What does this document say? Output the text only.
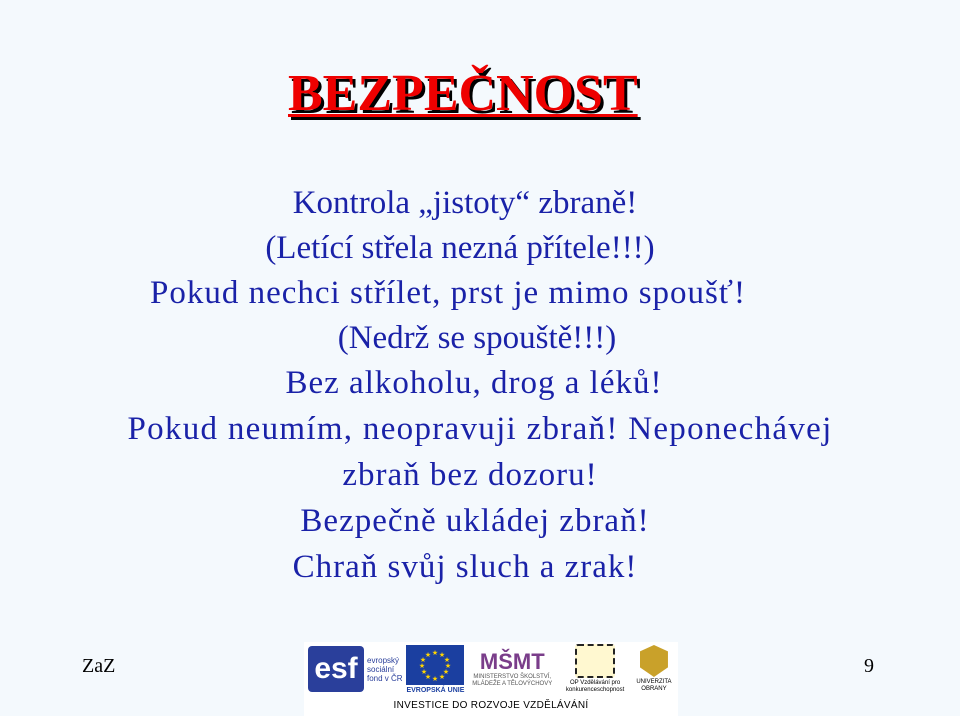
BEZPEČNOST
Kontrola „jistoty“ zbraně!
(Letící střela nezná přítele!!!)
Pokud nechci střílet, prst je mimo spoušť!
(Nedrž se spouště!!!)
Bez alkoholu, drog a léků!
Pokud neumím, neopravuji zbraň! Neponechávej
zbraň bez dozoru!
Bezpečně ukládej zbraň!
Chraň svůj sluch a zrak!
ZaZ	9
esf	evropský
sociální
fond v ČR
★ ★
★
★
★
★
★
★
★
★
★
★
EVROPSKÁ UNIE
MŠMT
MINISTERSTVO ŠKOLSTVÍ, MLÁDEŽE A TĚLOVÝCHOVY	OP Vzdělávání pro konkurenceschopnost
UNIVERZITA OBRANY
INVESTICE DO ROZVOJE VZDĚLÁVÁNÍ
